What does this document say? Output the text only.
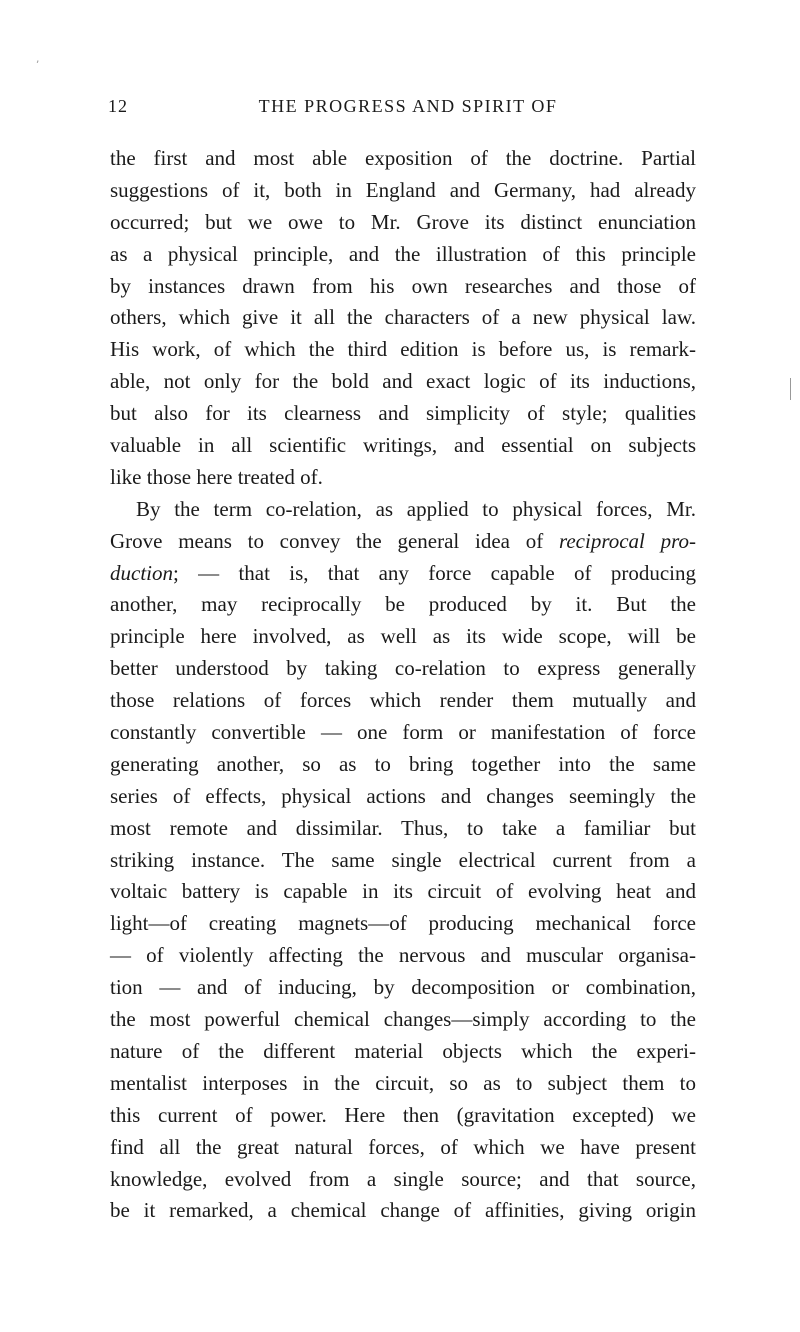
’
12	THE PROGRESS AND SPIRIT OF
the first and most able exposition of the doctrine. Partial
suggestions of it, both in England and Germany, had already
occurred; but we owe to Mr. Grove its distinct enunciation
as a physical principle, and the illustration of this principle
by instances drawn from his own researches and those of
others, which give it all the characters of a new physical law.
His work, of which the third edition is before us, is remark-
able, not only for the bold and exact logic of its inductions,
but also for its clearness and simplicity of style; qualities
valuable in all scientific writings, and essential on subjects
like those here treated of.
By the term co-relation, as applied to physical forces, Mr.
Grove means to convey the general idea of reciprocal pro-
duction; — that is, that any force capable of producing
another, may reciprocally be produced by it. But the
principle here involved, as well as its wide scope, will be
better understood by taking co-relation to express generally
those relations of forces which render them mutually and
constantly convertible — one form or manifestation of force
generating another, so as to bring together into the same
series of effects, physical actions and changes seemingly the
most remote and dissimilar. Thus, to take a familiar but
striking instance. The same single electrical current from a
voltaic battery is capable in its circuit of evolving heat and
light—of creating magnets—of producing mechanical force
— of violently affecting the nervous and muscular organisa-
tion — and of inducing, by decomposition or combination,
the most powerful chemical changes—simply according to the
nature of the different material objects which the experi-
mentalist interposes in the circuit, so as to subject them to
this current of power. Here then (gravitation excepted) we
find all the great natural forces, of which we have present
knowledge, evolved from a single source; and that source,
be it remarked, a chemical change of affinities, giving origin
